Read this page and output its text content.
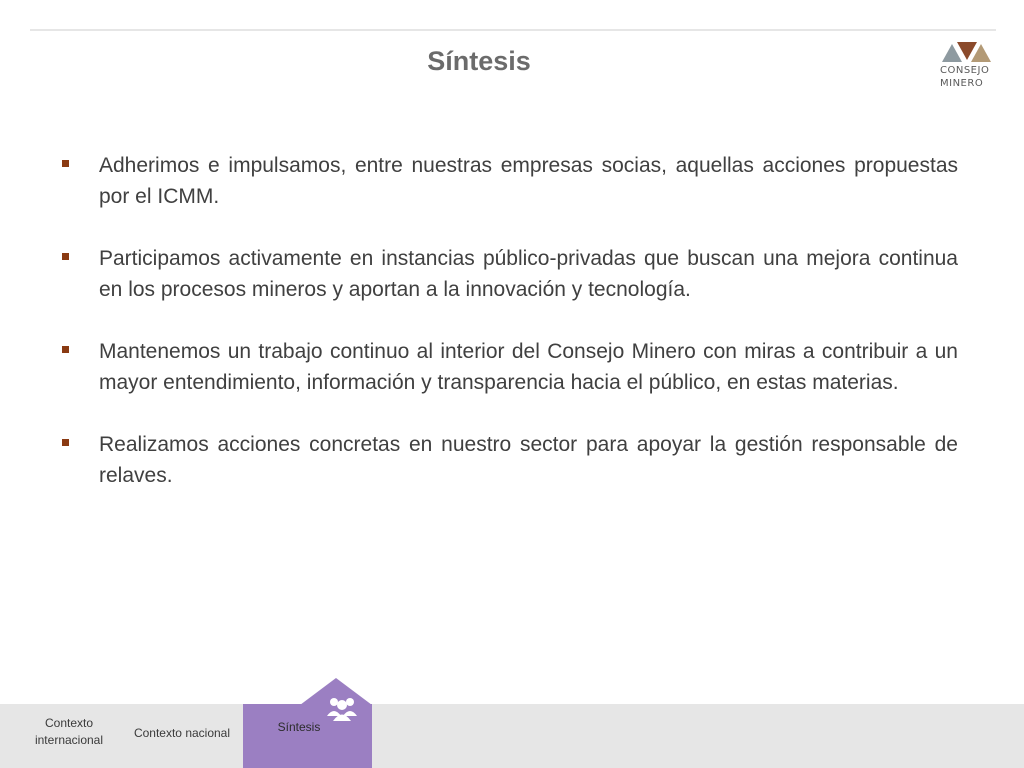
Síntesis	CONSEJO
MINERO
Adherimos e impulsamos, entre nuestras empresas socias, aquellas acciones propuestas por el ICMM.
Participamos activamente en instancias público-privadas que buscan una mejora continua en los procesos mineros y aportan a la innovación y tecnología.
Mantenemos un trabajo continuo al interior del Consejo Minero con miras a contribuir a un mayor entendimiento, información y transparencia hacia el público, en estas materias.
Realizamos acciones concretas en nuestro sector para apoyar la gestión responsable de relaves.
Contexto
internacional	Contexto nacional	Síntesis
